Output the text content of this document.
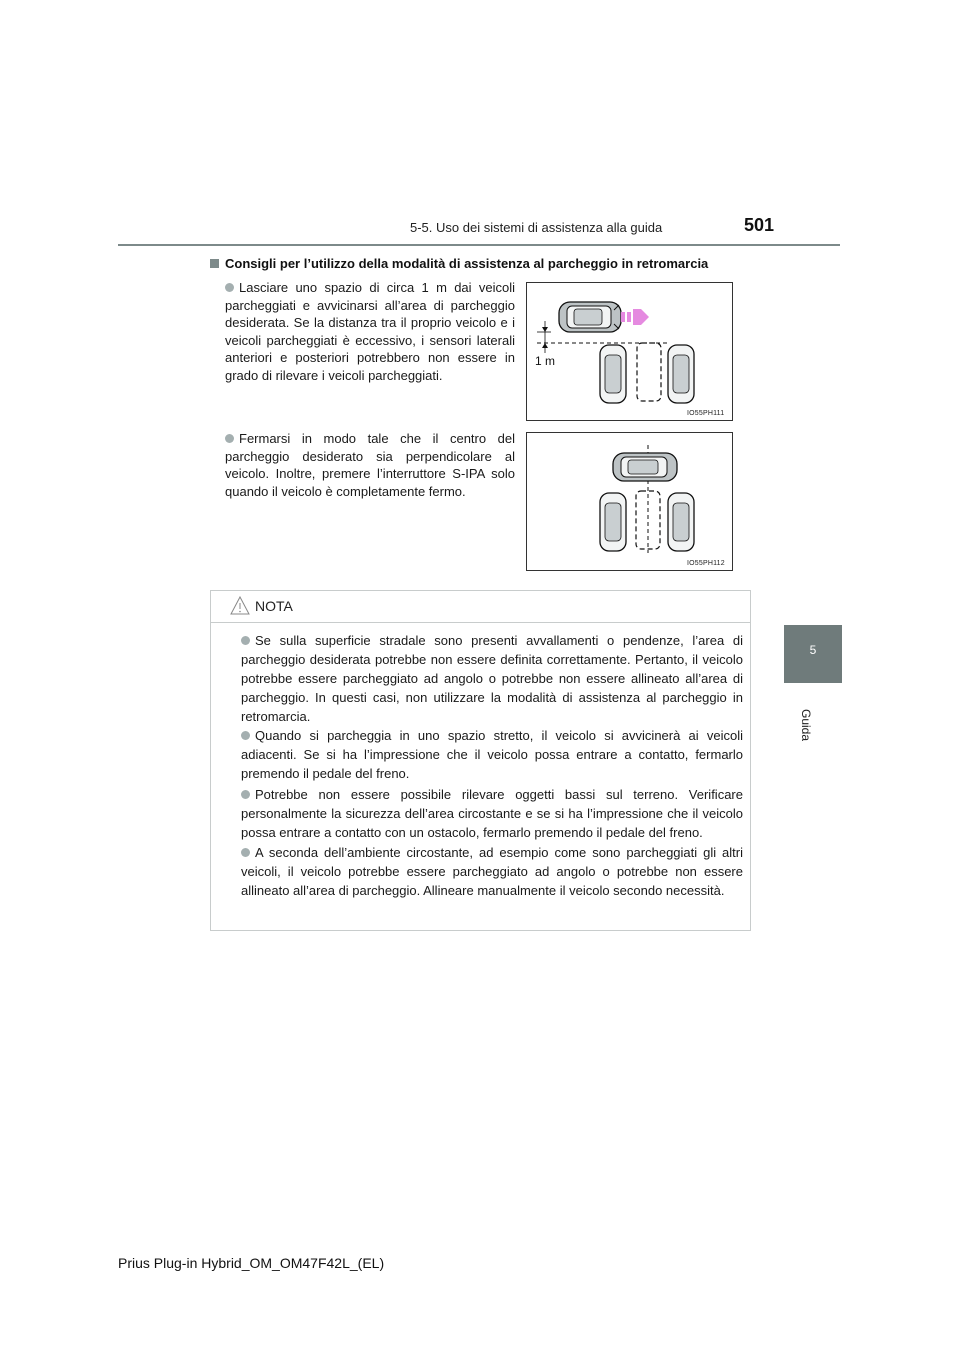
5-5. Uso dei sistemi di assistenza alla guida	501
5
Guida
Consigli per l’utilizzo della modalità di assistenza al parcheggio in retromarcia
Lasciare uno spazio di circa 1 m dai veicoli parcheggiati e avvicinarsi all’area di parcheggio desiderata. Se la distanza tra il proprio veicolo e i veicoli parcheggiati è eccessivo, i sensori laterali anteriori e posteriori potrebbero non essere in grado di rilevare i veicoli parcheggiati.
Fermarsi in modo tale che il centro del parcheggio desiderato sia perpendicolare al veicolo. Inoltre, premere l’interruttore S-IPA solo quando il veicolo è completamente fermo.
1 m
IO55PH111
IO55PH112
NOTA
Se sulla superficie stradale sono presenti avvallamenti o pendenze, l’area di parcheggio desiderata potrebbe non essere definita correttamente. Pertanto, il veicolo potrebbe essere parcheggiato ad angolo o potrebbe non essere allineato all’area di parcheggio. In questi casi, non utilizzare la modalità di assistenza al parcheggio in retromarcia.
Quando si parcheggia in uno spazio stretto, il veicolo si avvicinerà ai veicoli adiacenti. Se si ha l’impressione che il veicolo possa entrare a contatto, fermarlo premendo il pedale del freno.
Potrebbe non essere possibile rilevare oggetti bassi sul terreno. Verificare personalmente la sicurezza dell’area circostante e se si ha l’impressione che il veicolo possa entrare a contatto con un ostacolo, fermarlo premendo il pedale del freno.
A seconda dell’ambiente circostante, ad esempio come sono parcheggiati gli altri veicoli, il veicolo potrebbe essere parcheggiato ad angolo o potrebbe non essere allineato all’area di parcheggio. Allineare manualmente il veicolo secondo necessità.
Prius Plug-in Hybrid_OM_OM47F42L_(EL)
